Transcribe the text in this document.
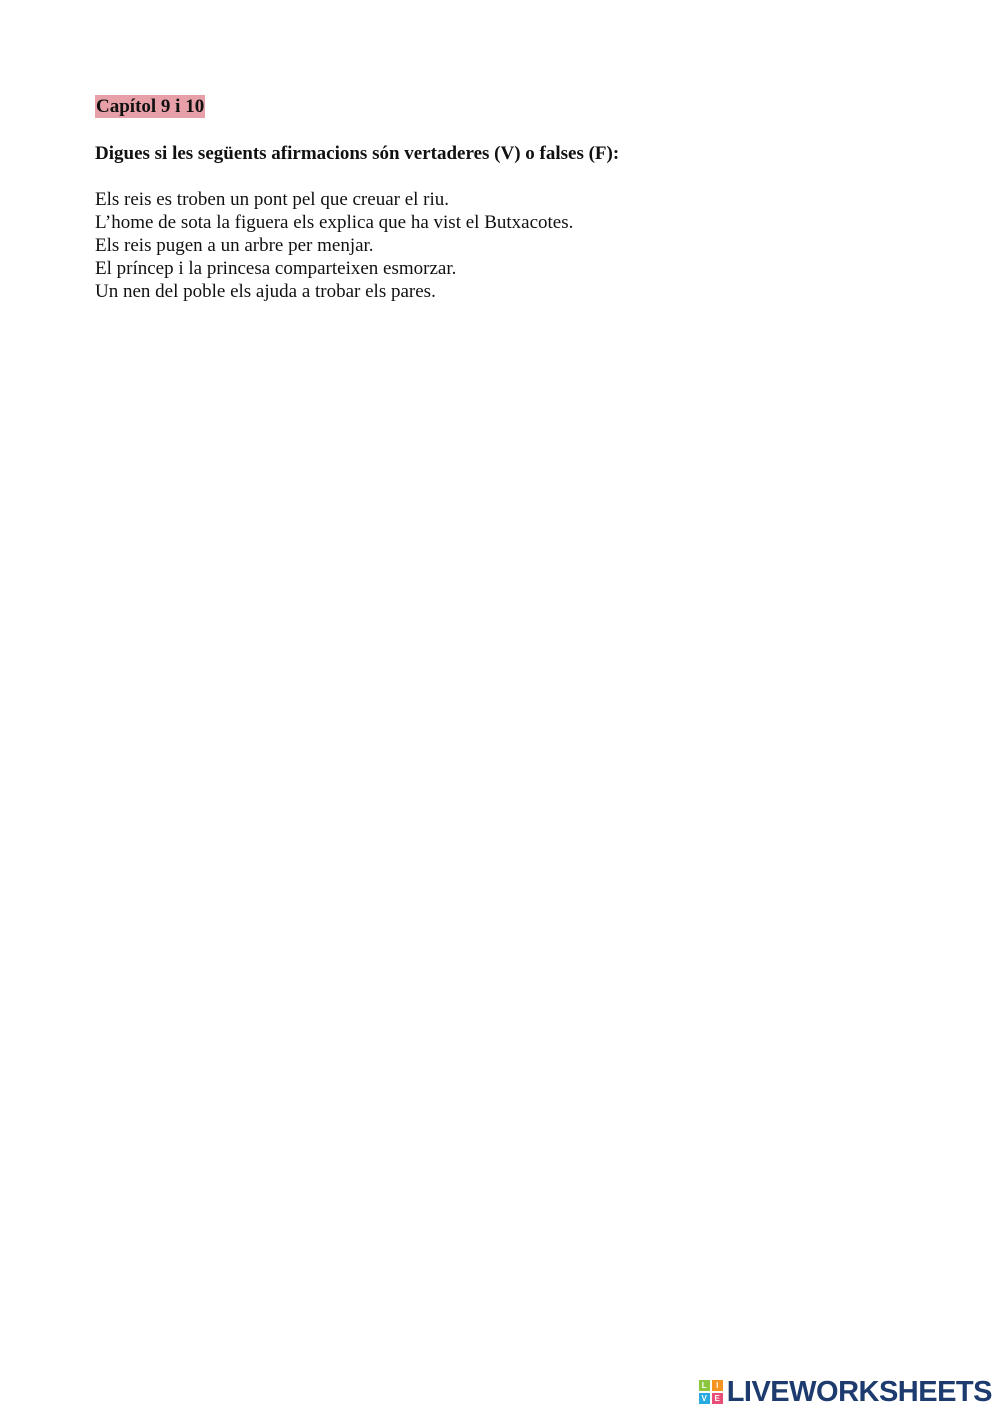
Capítol 9 i 10
Digues si les següents afirmacions són vertaderes (V) o falses (F):
Els reis es troben un pont pel que creuar el riu.
L’home de sota la figuera els explica que ha vist el Butxacotes.
Els reis pugen a un arbre per menjar.
El príncep i la princesa comparteixen esmorzar.
Un nen del poble els ajuda a trobar els pares.
L	I
V E LIVEWORKSHEETS
